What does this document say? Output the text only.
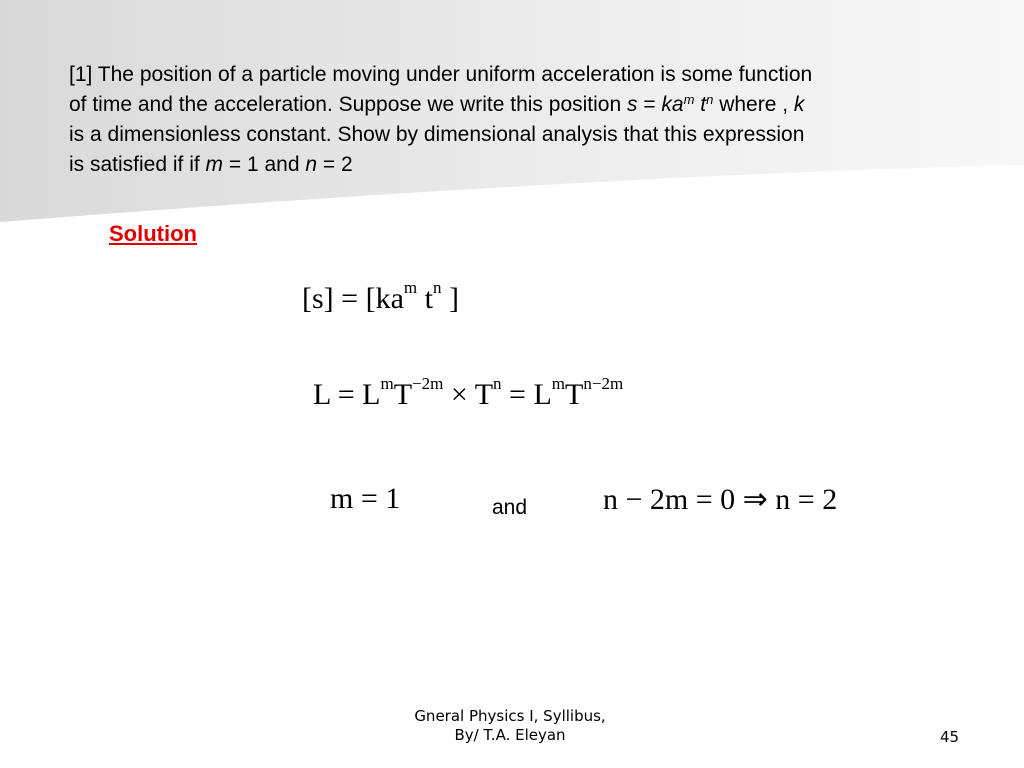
[1] The position of a particle moving under uniform acceleration is some function
of time and the acceleration. Suppose we write this position $s = ka^m$ $t^n$ where , k
is a dimensionless constant. Show by dimensional analysis that this expression
is satisfied if if m = 1 and n = 2
Solution
$[s] = [ka^m$ $t^n$ ]
$L = L^mT^{-2m} \times T^n = L^mT^{n-2m}$
m = 1	and	n − 2m = 0 ⇒ n = 2
Gneral Physics I, Syllibus,
By/ T.A. Eleyan	45
